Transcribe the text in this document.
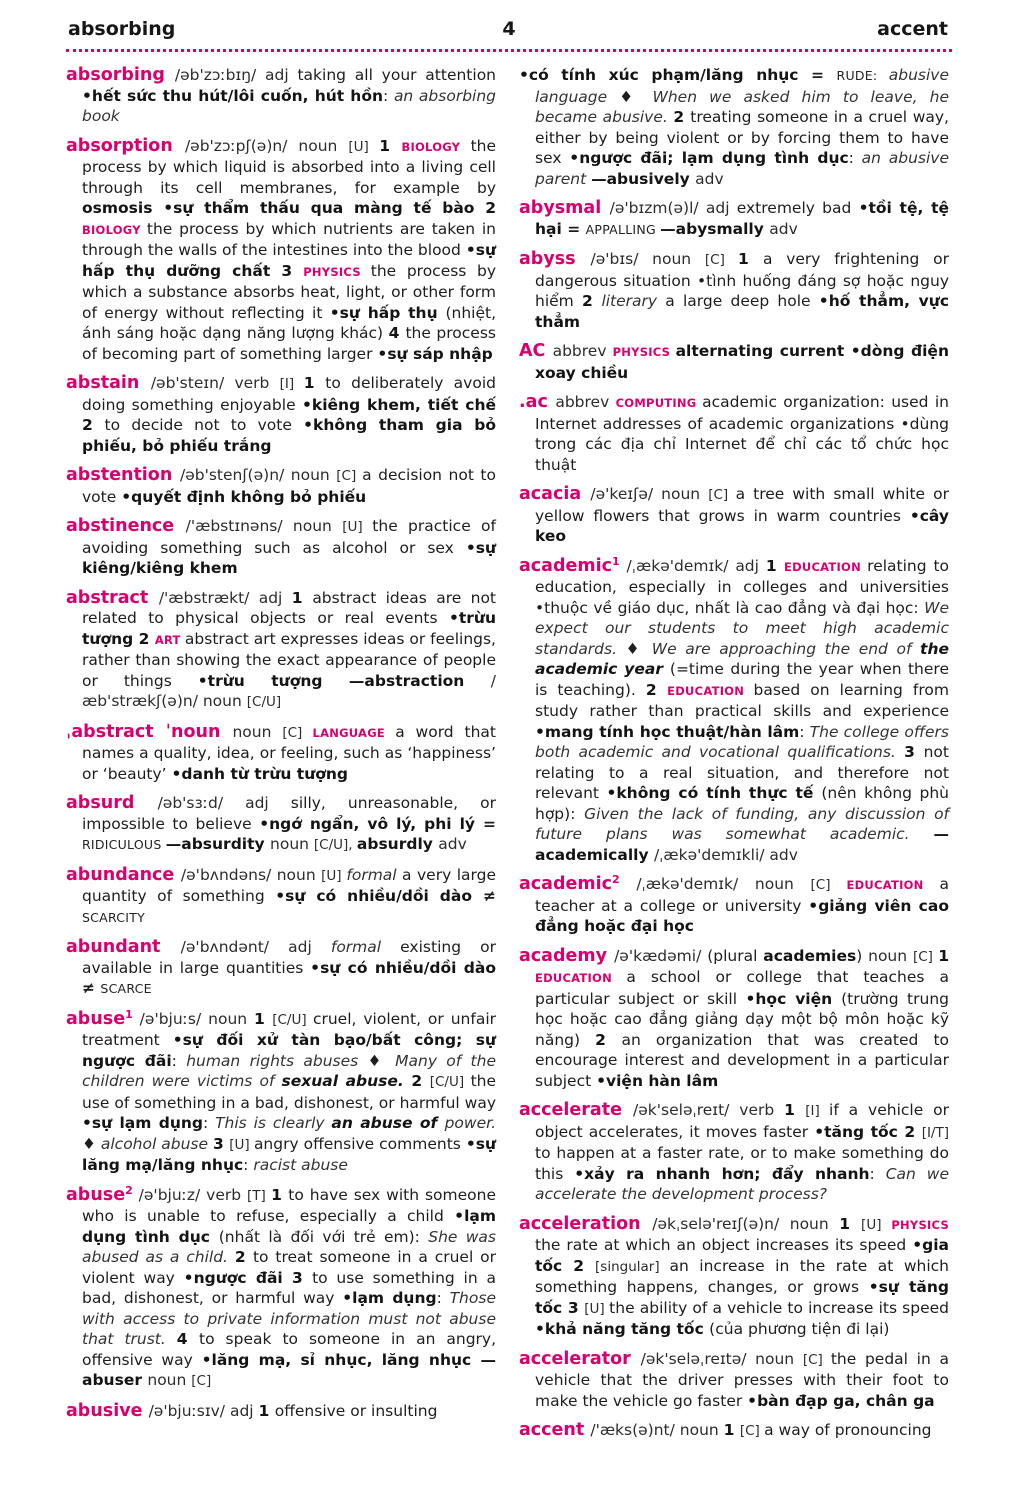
absorbing	4	accent

absorbing /əb'zɔːbɪŋ/ adj taking all your attention •hết sức thu hút/lôi cuốn, hút hồn: an absorbing book

absorption /əb'zɔːpʃ(ə)n/ noun [U] 1 BIOLOGY the process by which liquid is absorbed into a living cell through its cell membranes, for example by osmosis •sự thẩm thấu qua màng tế bào 2 BIOLOGY the process by which nutrients are taken in through the walls of the intestines into the blood •sự hấp thụ dưỡng chất 3 PHYSICS the process by which a substance absorbs heat, light, or other form of energy without reflecting it •sự hấp thụ (nhiệt, ánh sáng hoặc dạng năng lượng khác) 4 the process of becoming part of something larger •sự sáp nhập

abstain /əb'steɪn/ verb [I] 1 to deliberately avoid doing something enjoyable •kiêng khem, tiết chế 2 to decide not to vote •không tham gia bỏ phiếu, bỏ phiếu trắng

abstention /əb'stenʃ(ə)n/ noun [C] a decision not to vote •quyết định không bỏ phiếu

abstinence /'æbstɪnəns/ noun [U] the practice of avoiding something such as alcohol or sex •sự kiêng/kiêng khem

abstract /'æbstrækt/ adj 1 abstract ideas are not related to physical objects or real events •trừu tượng 2 ART abstract art expresses ideas or feelings, rather than showing the exact appearance of people or things •trừu tượng —abstraction /æb'strækʃ(ə)n/ noun [C/U]

ˌabstract ˈnoun noun [C] LANGUAGE a word that names a quality, idea, or feeling, such as ‘happiness’ or ‘beauty’ •danh từ trừu tượng

absurd /əb'sɜːd/ adj silly, unreasonable, or impossible to believe •ngớ ngẩn, vô lý, phi lý = RIDICULOUS —absurdity noun [C/U], absurdly adv

abundance /ə'bʌndəns/ noun [U] formal a very large quantity of something •sự có nhiều/dồi dào ≠ SCARCITY

abundant /ə'bʌndənt/ adj formal existing or available in large quantities •sự có nhiều/dồi dào ≠ SCARCE

abuse$^1$ /ə'bjuːs/ noun 1 [C/U] cruel, violent, or unfair treatment •sự đối xử tàn bạo/bất công; sự ngược đãi: human rights abuses ♦ Many of the children were victims of sexual abuse. 2 [C/U] the use of something in a bad, dishonest, or harmful way •sự lạm dụng: This is clearly an abuse of power. ♦ alcohol abuse 3 [U] angry offensive comments •sự lăng mạ/lăng nhục: racist abuse

abuse$^2$ /ə'bjuːz/ verb [T] 1 to have sex with someone who is unable to refuse, especially a child •lạm dụng tình dục (nhất là đối với trẻ em): She was abused as a child. 2 to treat someone in a cruel or violent way •ngược đãi 3 to use something in a bad, dishonest, or harmful way •lạm dụng: Those with access to private information must not abuse that trust. 4 to speak to someone in an angry, offensive way •lăng mạ, sỉ nhục, lăng nhục —abuser noun [C]

abusive /ə'bjuːsɪv/ adj 1 offensive or insulting

•có tính xúc phạm/lăng nhục = RUDE: abusive language ♦ When we asked him to leave, he became abusive. 2 treating someone in a cruel way, either by being violent or by forcing them to have sex •ngược đãi; lạm dụng tình dục: an abusive parent —abusively adv

abysmal /ə'bɪzm(ə)l/ adj extremely bad •tồi tệ, tệ hại = APPALLING —abysmally adv

abyss /ə'bɪs/ noun [C] 1 a very frightening or dangerous situation •tình huống đáng sợ hoặc nguy hiểm 2 literary a large deep hole •hố thẳm, vực thẳm

AC abbrev PHYSICS alternating current •dòng điện xoay chiều

.ac abbrev COMPUTING academic organization: used in Internet addresses of academic organizations •dùng trong các địa chỉ Internet để chỉ các tổ chức học thuật

acacia /ə'keɪʃə/ noun [C] a tree with small white or yellow flowers that grows in warm countries •cây keo

academic$^1$ /ˌækə'demɪk/ adj 1 EDUCATION relating to education, especially in colleges and universities •thuộc về giáo dục, nhất là cao đẳng và đại học: We expect our students to meet high academic standards. ♦ We are approaching the end of the academic year (=time during the year when there is teaching). 2 EDUCATION based on learning from study rather than practical skills and experience •mang tính học thuật/hàn lâm: The college offers both academic and vocational qualifications. 3 not relating to a real situation, and therefore not relevant •không có tính thực tế (nên không phù hợp): Given the lack of funding, any discussion of future plans was somewhat academic. —academically /ˌækə'demɪkli/ adv

academic$^2$ /ˌækə'demɪk/ noun [C] EDUCATION a teacher at a college or university •giảng viên cao đẳng hoặc đại học

academy /ə'kædəmi/ (plural academies) noun [C] 1 EDUCATION a school or college that teaches a particular subject or skill •học viện (trường trung học hoặc cao đẳng giảng dạy một bộ môn hoặc kỹ năng) 2 an organization that was created to encourage interest and development in a particular subject •viện hàn lâm

accelerate /ək'seləˌreɪt/ verb 1 [I] if a vehicle or object accelerates, it moves faster •tăng tốc 2 [I/T] to happen at a faster rate, or to make something do this •xảy ra nhanh hơn; đẩy nhanh: Can we accelerate the development process?

acceleration /əkˌselə'reɪʃ(ə)n/ noun 1 [U] PHYSICS the rate at which an object increases its speed •gia tốc 2 [singular] an increase in the rate at which something happens, changes, or grows •sự tăng tốc 3 [U] the ability of a vehicle to increase its speed •khả năng tăng tốc (của phương tiện đi lại)

accelerator /ək'seləˌreɪtə/ noun [C] the pedal in a vehicle that the driver presses with their foot to make the vehicle go faster •bàn đạp ga, chân ga

accent /'æks(ə)nt/ noun 1 [C] a way of pronouncing
